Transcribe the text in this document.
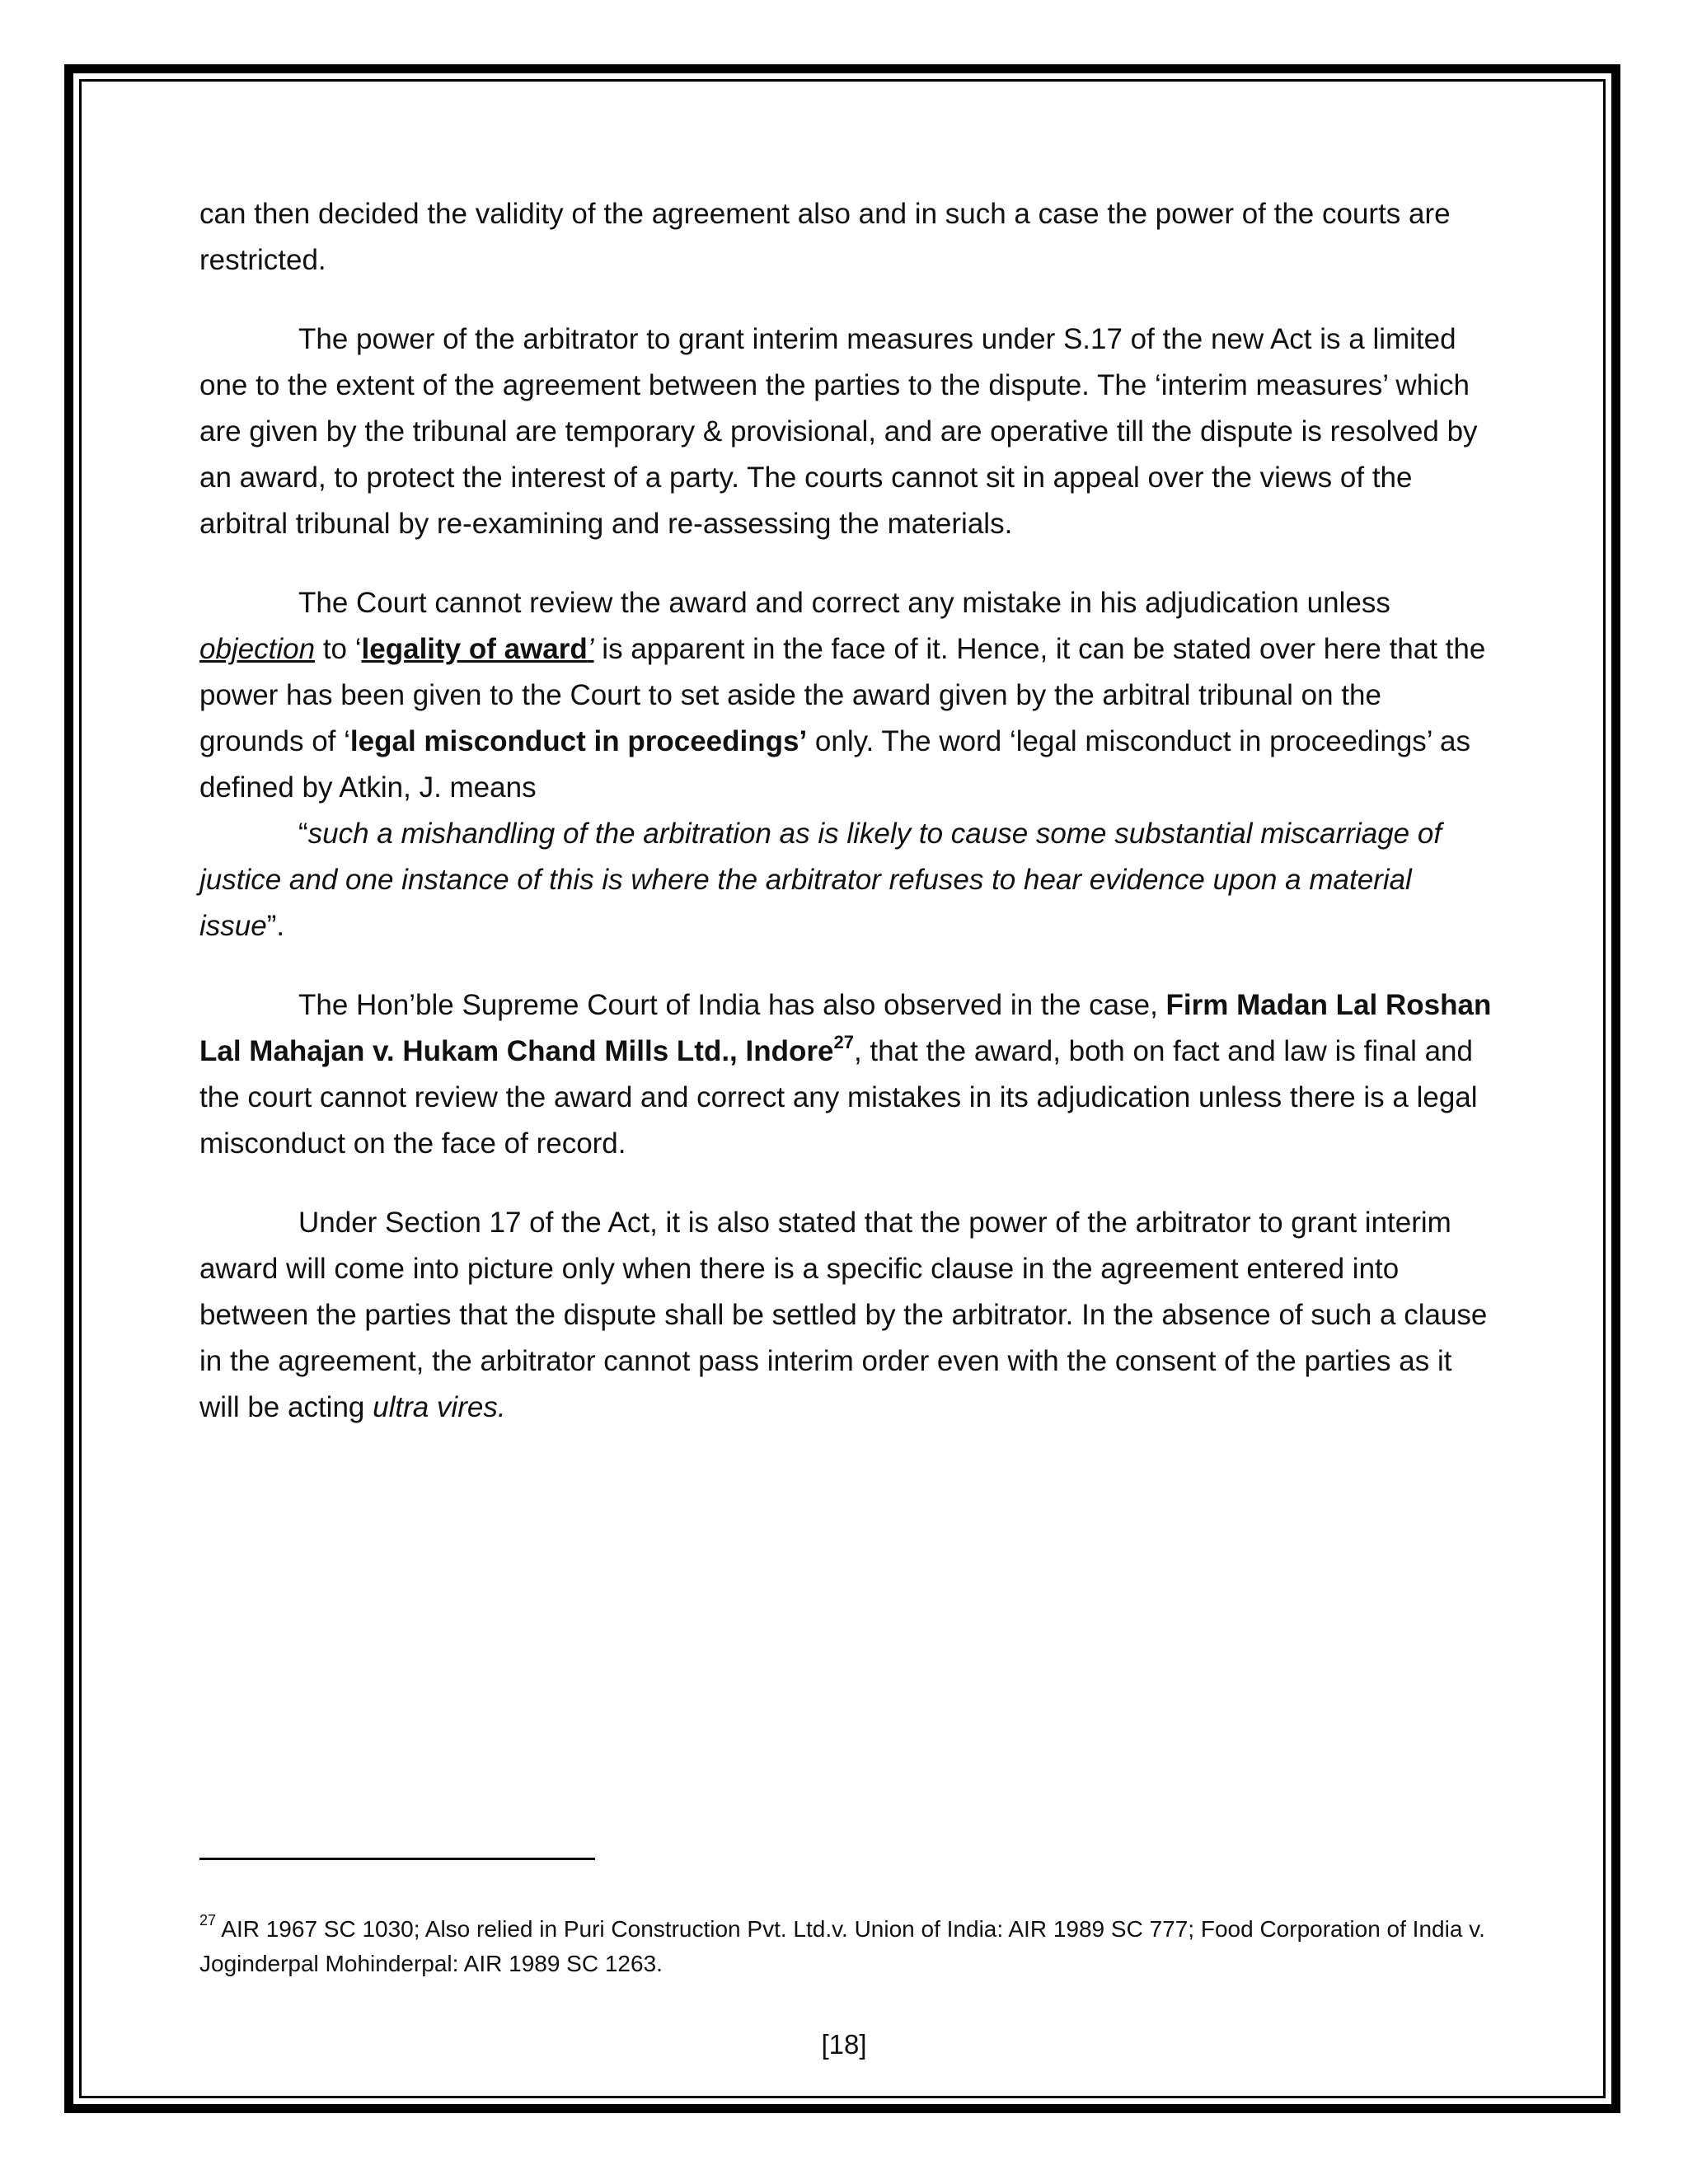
can then decided the validity of the agreement also and in such a case the power of the courts are restricted.

The power of the arbitrator to grant interim measures under S.17 of the new Act is a limited one to the extent of the agreement between the parties to the dispute. The ‘interim measures’ which are given by the tribunal are temporary & provisional, and are operative till the dispute is resolved by an award, to protect the interest of a party. The courts cannot sit in appeal over the views of the arbitral tribunal by re-examining and re-assessing the materials.

The Court cannot review the award and correct any mistake in his adjudication unless objection to ‘legality of award’ is apparent in the face of it. Hence, it can be stated over here that the power has been given to the Court to set aside the award given by the arbitral tribunal on the grounds of ‘legal misconduct in proceedings’ only. The word ‘legal misconduct in proceedings’ as defined by Atkin, J. means

“such a mishandling of the arbitration as is likely to cause some substantial miscarriage of justice and one instance of this is where the arbitrator refuses to hear evidence upon a material issue”.

The Hon’ble Supreme Court of India has also observed in the case, Firm Madan Lal Roshan Lal Mahajan v. Hukam Chand Mills Ltd., Indore$^{27}$, that the award, both on fact and law is final and the court cannot review the award and correct any mistakes in its adjudication unless there is a legal misconduct on the face of record.

Under Section 17 of the Act, it is also stated that the power of the arbitrator to grant interim award will come into picture only when there is a specific clause in the agreement entered into between the parties that the dispute shall be settled by the arbitrator. In the absence of such a clause in the agreement, the arbitrator cannot pass interim order even with the consent of the parties as it will be acting ultra vires.

$^{27}$ AIR 1967 SC 1030; Also relied in Puri Construction Pvt. Ltd.v. Union of India: AIR 1989 SC 777; Food Corporation of India v. Joginderpal Mohinderpal: AIR 1989 SC 1263.
[18]
